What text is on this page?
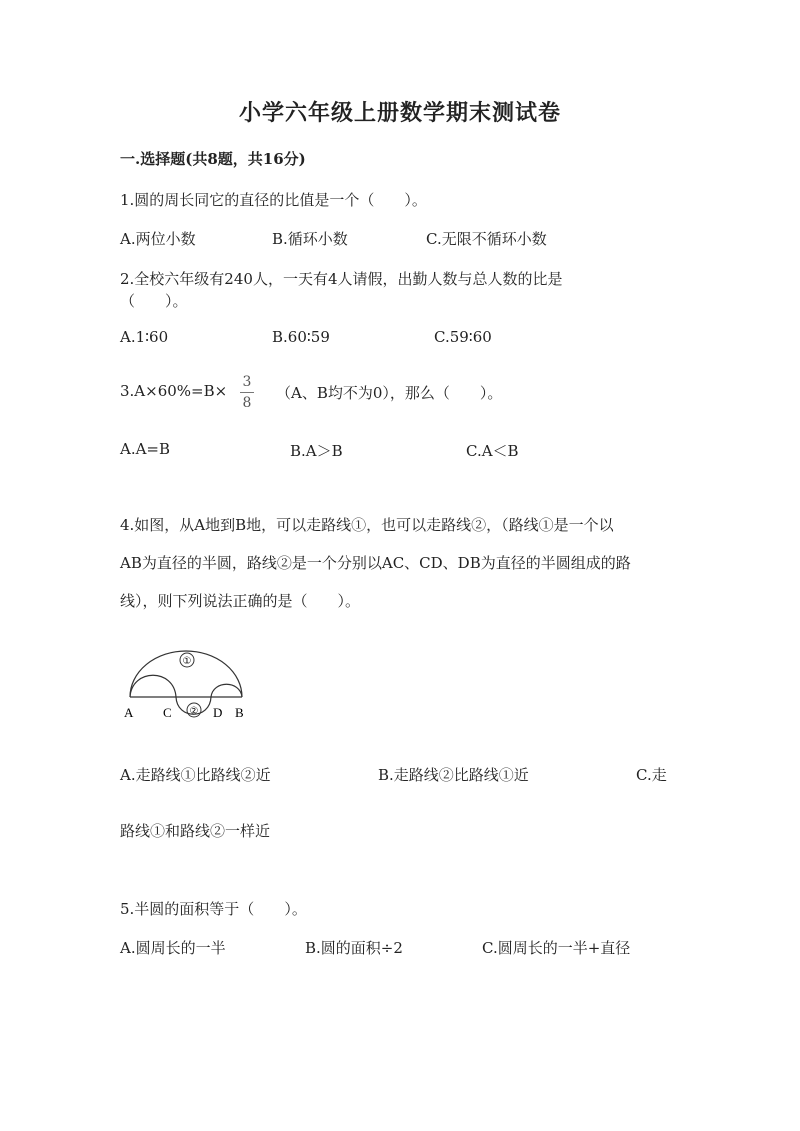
小学六年级上册数学期末测试卷
一.选择题(共8题，共16分)
1.圆的周长同它的直径的比值是一个（　　）。
A.两位小数	B.循环小数	C.无限不循环小数
2.全校六年级有240人，一天有4人请假，出勤人数与总人数的比是
（　　）。
A.1∶60	B.60∶59	C.59∶60
3.A×60%=B× 3
8
（A、B均不为0），那么（　　）。
A.A=B	B.A＞B	C.A＜B
4.如图，从A地到B地，可以走路线①，也可以走路线②，（路线①是一个以
AB为直径的半圆，路线②是一个分别以AC、CD、DB为直径的半圆组成的路
线），则下列说法正确的是（　　）。
①
②
A C	D B
A.走路线①比路线②近	B.走路线②比路线①近	C.走
路线①和路线②一样近
5.半圆的面积等于（　　）。
A.圆周长的一半	B.圆的面积÷2	C.圆周长的一半+直径
